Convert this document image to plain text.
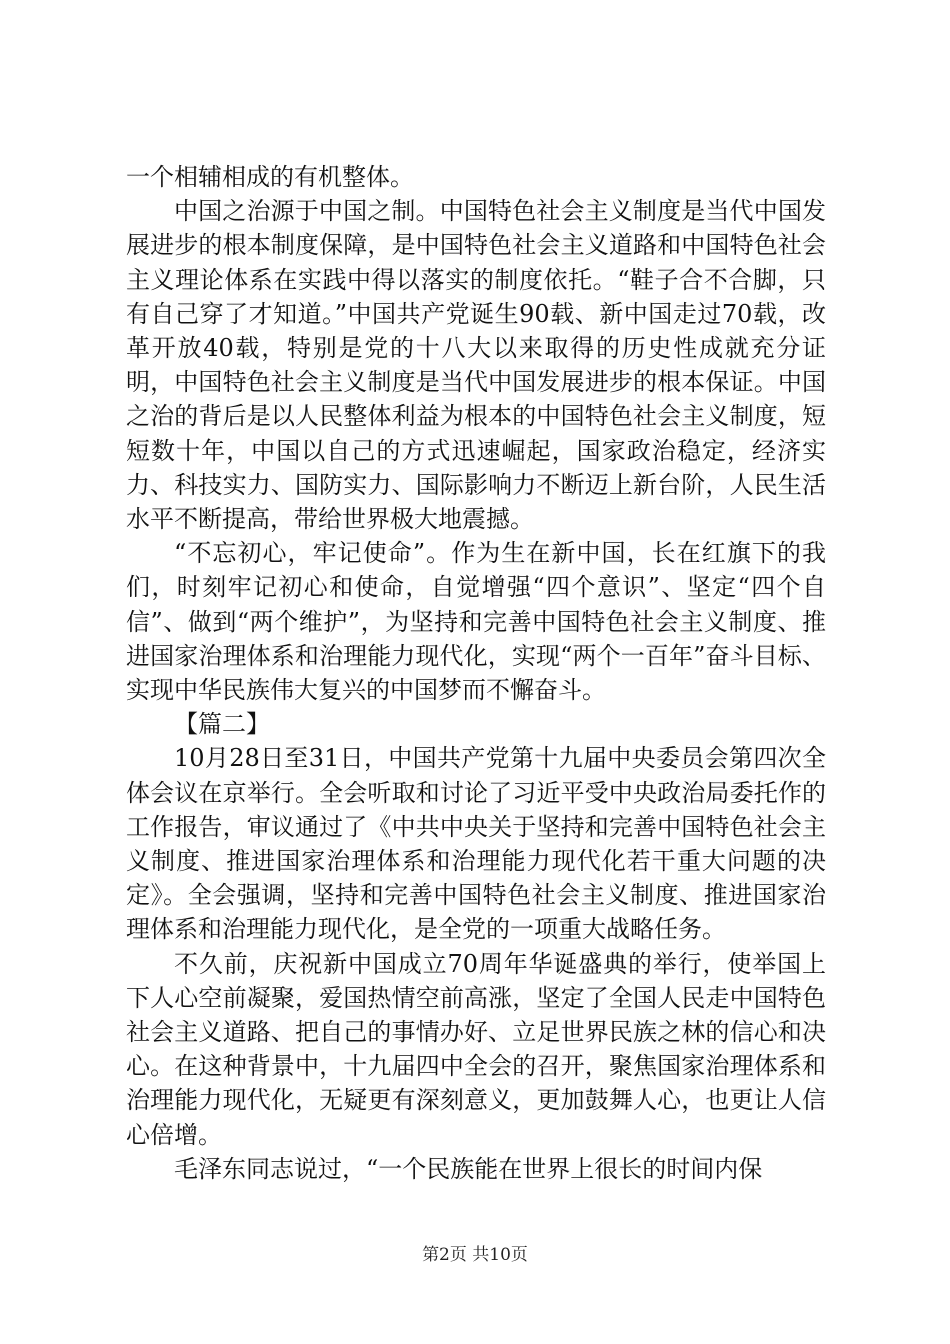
一个相辅相成的有机整体。

中国之治源于中国之制。中国特色社会主义制度是当代中国发展进步的根本制度保障，是中国特色社会主义道路和中国特色社会主义理论体系在实践中得以落实的制度依托。“鞋子合不合脚，只有自己穿了才知道。”中国共产党诞生90载、新中国走过70载，改革开放40载，特别是党的十八大以来取得的历史性成就充分证明，中国特色社会主义制度是当代中国发展进步的根本保证。中国之治的背后是以人民整体利益为根本的中国特色社会主义制度，短短数十年，中国以自己的方式迅速崛起，国家政治稳定，经济实力、科技实力、国防实力、国际影响力不断迈上新台阶，人民生活水平不断提高，带给世界极大地震撼。

“不忘初心，牢记使命”。作为生在新中国，长在红旗下的我们，时刻牢记初心和使命，自觉增强“四个意识”、坚定“四个自信”、做到“两个维护”，为坚持和完善中国特色社会主义制度、推进国家治理体系和治理能力现代化，实现“两个一百年”奋斗目标、实现中华民族伟大复兴的中国梦而不懈奋斗。

【篇二】

10月28日至31日，中国共产党第十九届中央委员会第四次全体会议在京举行。全会听取和讨论了习近平受中央政治局委托作的工作报告，审议通过了《中共中央关于坚持和完善中国特色社会主义制度、推进国家治理体系和治理能力现代化若干重大问题的决定》。全会强调，坚持和完善中国特色社会主义制度、推进国家治理体系和治理能力现代化，是全党的一项重大战略任务。

不久前，庆祝新中国成立70周年华诞盛典的举行，使举国上下人心空前凝聚，爱国热情空前高涨，坚定了全国人民走中国特色社会主义道路、把自己的事情办好、立足世界民族之林的信心和决心。在这种背景中，十九届四中全会的召开，聚焦国家治理体系和治理能力现代化，无疑更有深刻意义，更加鼓舞人心，也更让人信心倍增。

毛泽东同志说过，“一个民族能在世界上很长的时间内保

第2页 共10页
